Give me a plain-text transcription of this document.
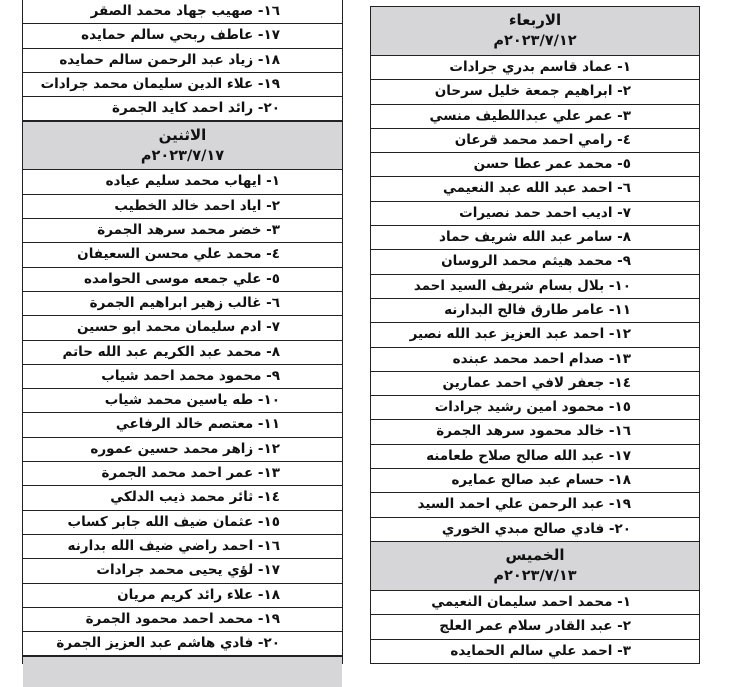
١٦- صهيب جهاد محمد الصقر
١٧- عاطف ربحي سالم حمايده
١٨- زياد عبد الرحمن سالم حمايده
١٩- علاء الدين سليمان محمد جرادات
٢٠- رائد احمد كايد الجمرة
الاثنين
٢٠٢٣/٧/١٧م
١- ايهاب محمد سليم عياده
٢- اياد احمد خالد الخطيب
٣- خضر محمد سرهد الجمرة
٤- محمد علي محسن السعيفان
٥- علي جمعه موسى الحوامده
٦- غالب زهير ابراهيم الجمرة
٧- ادم سليمان محمد ابو حسين
٨- محمد عبد الكريم عبد الله حاتم
٩- محمود محمد احمد شياب
١٠- طه ياسين محمد شياب
١١- معتصم خالد الرفاعي
١٢- زاهر محمد حسين عموره
١٣- عمر احمد محمد الجمرة
١٤- ثائر محمد ذيب الدلكي
١٥- عثمان ضيف الله جابر كساب
١٦- احمد راضي ضيف الله بدارنه
١٧- لؤي يحيى محمد جرادات
١٨- علاء رائد كريم مريان
١٩- محمد احمد محمود الجمرة
٢٠- فادي هاشم عبد العزيز الجمرة
الاربعاء
٢٠٢٣/٧/١٢م
١- عماد قاسم بدري جرادات
٢- ابراهيم جمعة خليل سرحان
٣- عمر علي عبداللطيف منسي
٤- رامي احمد محمد قرعان
٥- محمد عمر عطا حسن
٦- احمد عبد الله عبد النعيمي
٧- اديب احمد حمد نصيرات
٨- سامر عبد الله شريف حماد
٩- محمد هيثم محمد الروسان
١٠- بلال بسام شريف السيد احمد
١١- عامر طارق فالح البدارنه
١٢- احمد عبد العزيز عبد الله نصير
١٣- صدام احمد محمد عبنده
١٤- جعفر لافي احمد عمارين
١٥- محمود امين رشيد جرادات
١٦- خالد محمود سرهد الجمرة
١٧- عبد الله صالح صلاح طعامنه
١٨- حسام عبد صالح عمايره
١٩- عبد الرحمن علي احمد السيد
٢٠- فادي صالح مبدي الخوري
الخميس
٢٠٢٣/٧/١٣م
١- محمد احمد سليمان النعيمي
٢- عبد القادر سلام عمر العلج
٣- احمد علي سالم الحمايده
